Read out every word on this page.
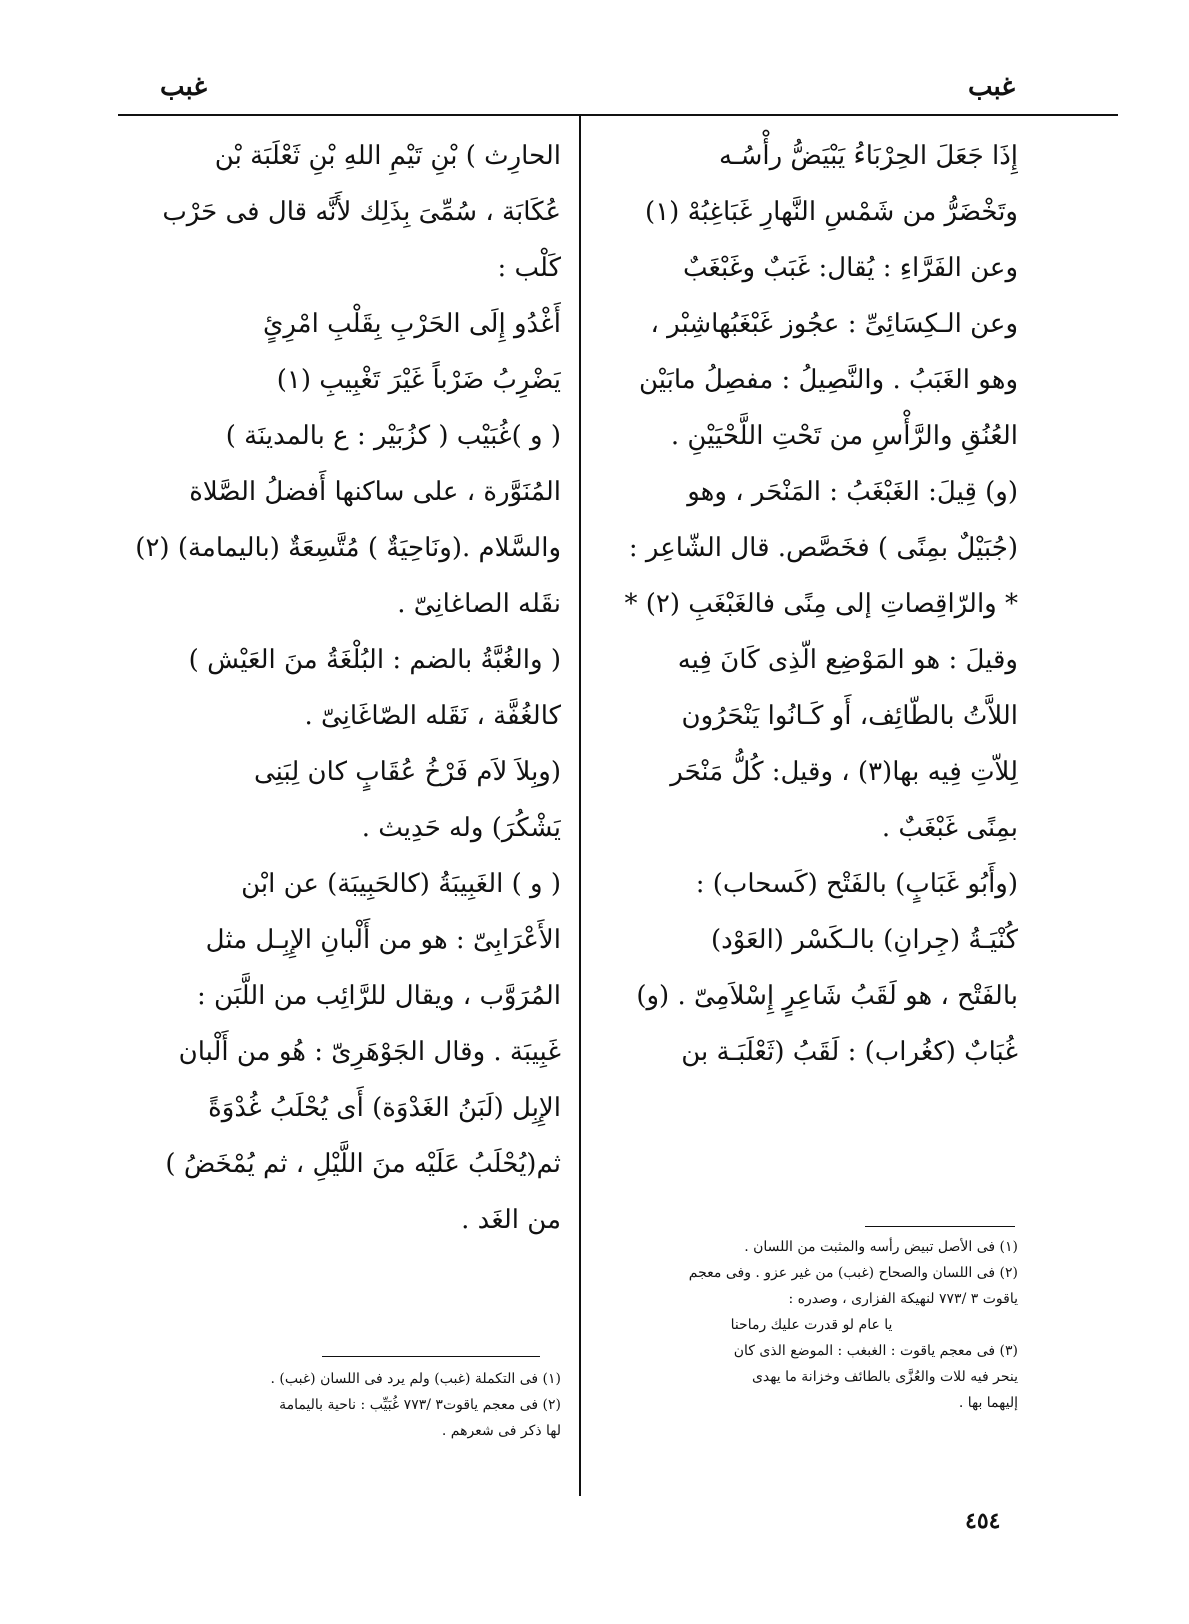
غبب
غبب
إِذَا جَعَلَ الحِرْبَاءُ يَبْيَضُّ رأْسُـه
وتَخْضَرُّ من شَمْسِ النَّهارِ غَبَاغِبُهْ (١)
وعن الفَرَّاءِ : يُقال: غَبَبٌ وغَبْغَبٌ
وعن الـكِسَائِىِّ : عجُوز غَبْغَبُهاشِبْر ،
وهو الغَبَبُ . والنَّصِيلُ : مفصِلُ مابَيْن
العُنُقِ والرَّأْسِ من تَحْتِ اللَّحْيَيْنِ .
(و) قِيلَ: الغَبْغَبُ : المَنْحَر ، وهو
(جُبَيْلٌ بمِنًى ) فخَصَّص. قال الشّاعِر :
* والرّاقِصاتِ إلى مِنًى فالغَبْغَبِ (٢) *
وقيلَ : هو المَوْضِع الّذِى كَانَ فِيه
اللاَّتُ بالطّائِف، أَو كَـانُوا يَنْحَرُون
لِلاّتِ فِيه بها(٣) ، وقيل: كُلُّ مَنْحَر
بمِنًى غَبْغَبٌ .
(وأَبُو غَبَابٍ) بالفَتْح (كَسحاب) :
كُنْيَـةُ (جِرانِ) بالـكَسْر (العَوْد)
بالفَتْح ، هو لَقَبُ شَاعِرٍ إِسْلاَمِىّ . (و)
غُبَابٌ (كغُراب) : لَقَبُ (ثَعْلَبَـة بن
الحارِث ) بْنِ تَيْمِ اللهِ بْنِ ثَعْلَبَة بْن
عُكَابَة ، سُمِّىَ بِذَلِك لأَنَّه قال فى حَرْب
كَلْب :
أَغْدُو إِلَى الحَرْبِ بِقَلْبِ امْرِئٍ
يَضْرِبُ ضَرْباً غَيْرَ تَغْبِيبِ (١)
( و )غُبَيْب ( كزُبَيْر : ع بالمدينَة )
المُنَوَّرة ، على ساكنها أَفضلُ الصَّلاة
والسَّلام .(ونَاحِيَةٌ ) مُتَّسِعَةٌ (باليمامة) (٢)
نقَله الصاغانِىّ .
( والغُبَّةُ بالضم : البُلْغَةُ منَ العَيْش )
كالغُفَّة ، نَقَله الصّاغَانِىّ .
(وبِلاَ لاَم فَرْخُ عُقَابٍ كان لِبَنِى
يَشْكُرَ) وله حَدِيث .
( و ) الغَبِيبَةُ (كالحَبِيبَة) عن ابْن
الأَعْرَابِىّ : هو من أَلْبانِ الإِبِـل مثل
المُرَوَّب ، ويقال للرَّائِب من اللَّبَن :
غَبِيبَة . وقال الجَوْهَرِىّ : هُو من أَلْبان
الإِبِل (لَبَنُ الغَدْوَة) أَى يُحْلَبُ غُدْوَةً
ثم(يُحْلَبُ عَلَيْه منَ اللَّيْلِ ، ثم يُمْخَضُ )
من الغَد .
(١) فى الأصل تبيض رأسه والمثبت من اللسان .
(٢) فى اللسان والصحاح (غبب) من غير عزو . وفى معجم
ياقوت ٣ /٧٧٣ لنهيكة الفزارى ، وصدره :
يا عام لو قدرت عليك رماحنا
(٣) فى معجم ياقوت : الغبغب : الموضع الذى كان
ينحر فيه للات والعُزَّى بالطائف وخزانة ما يهدى
إليهما بها .
(١) فى التكملة (غبب) ولم يرد فى اللسان (غبب) .
(٢) فى معجم ياقوت٣ /٧٧٣ غُبَيِّب : ناحية باليمامة
لها ذكر فى شعرهم .
٤٥٤
